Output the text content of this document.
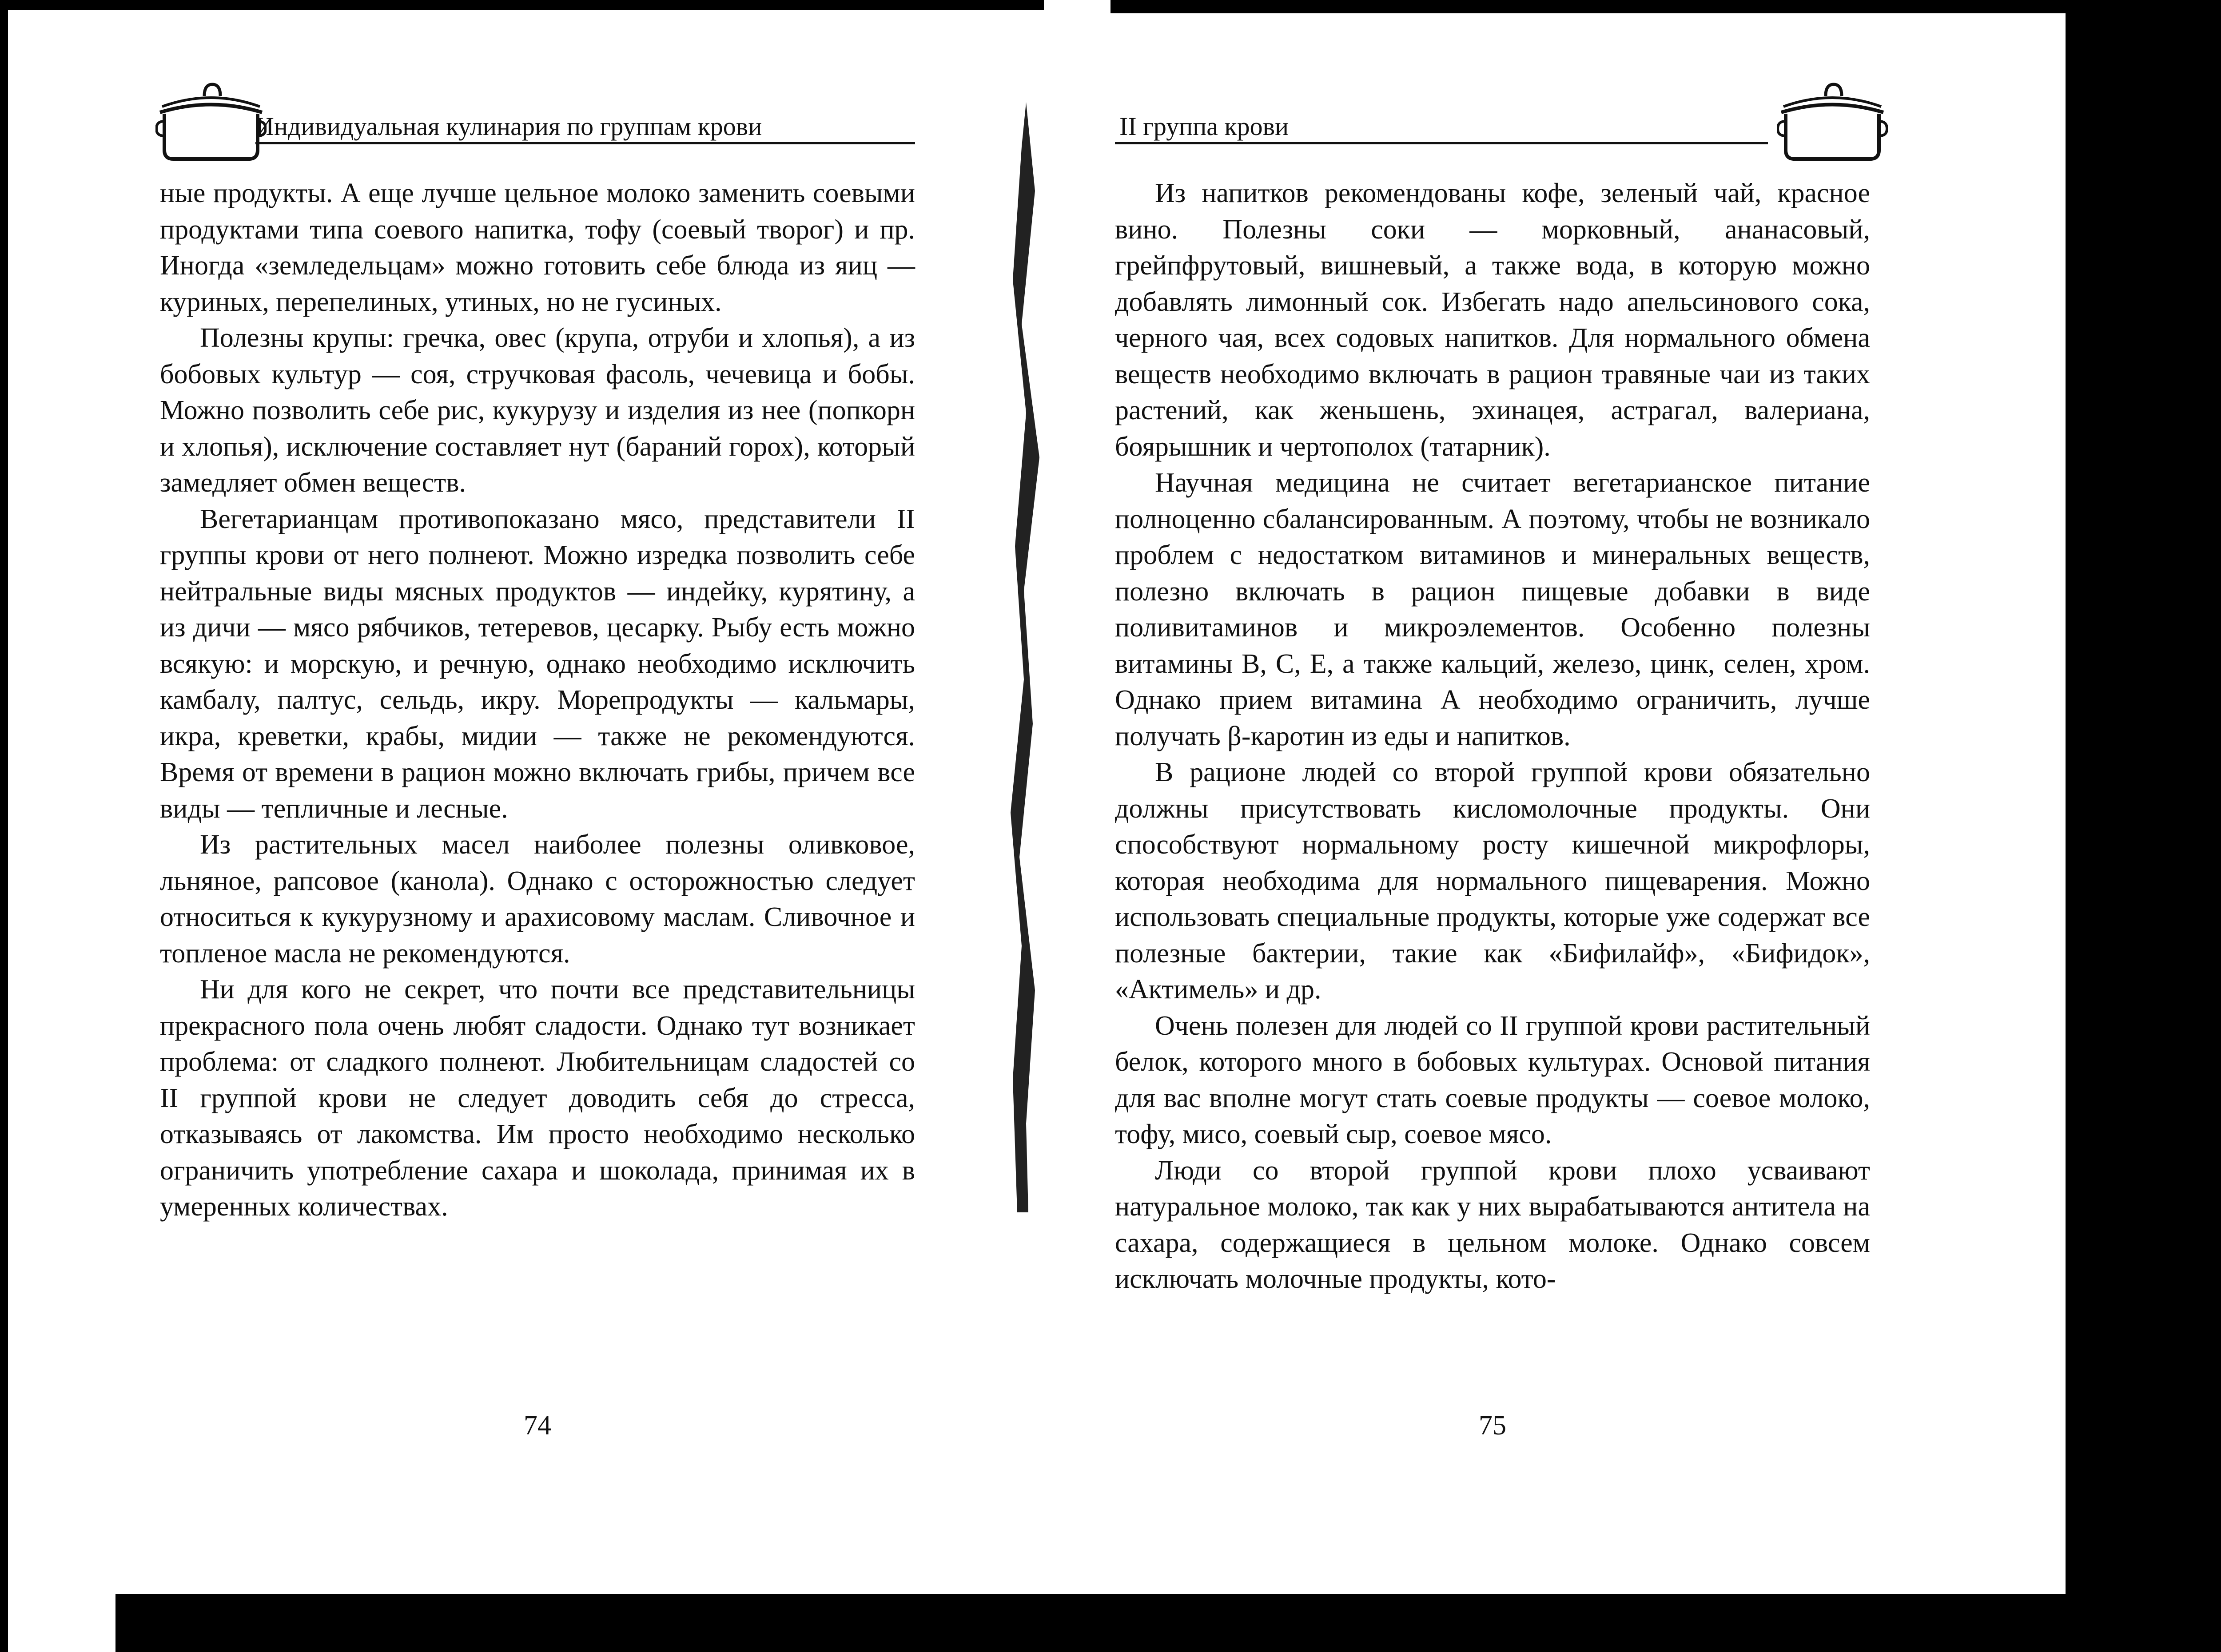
Индивидуальная кулинария по группам крови

ные продукты. А еще лучше цельное молоко заменить соевыми продуктами типа соевого напитка, тофу (соевый творог) и пр. Иногда «земледельцам» можно готовить себе блюда из яиц — куриных, перепелиных, утиных, но не гусиных.

Полезны крупы: гречка, овес (крупа, отруби и хлопья), а из бобовых культур — соя, стручковая фасоль, чечевица и бобы. Можно позволить себе рис, кукурузу и изделия из нее (попкорн и хлопья), исключение составляет нут (бараний горох), который замедляет обмен веществ.

Вегетарианцам противопоказано мясо, представители II группы крови от него полнеют. Можно изредка позволить себе нейтральные виды мясных продуктов — индейку, курятину, а из дичи — мясо рябчиков, тетеревов, цесарку. Рыбу есть можно всякую: и морскую, и речную, однако необходимо исключить камбалу, палтус, сельдь, икру. Морепродукты — кальмары, икра, креветки, крабы, мидии — также не рекомендуются. Время от времени в рацион можно включать грибы, причем все виды — тепличные и лесные.

Из растительных масел наиболее полезны оливковое, льняное, рапсовое (канола). Однако с осторожностью следует относиться к кукурузному и арахисовому маслам. Сливочное и топленое масла не рекомендуются.

Ни для кого не секрет, что почти все представительницы прекрасного пола очень любят сладости. Однако тут возникает проблема: от сладкого полнеют. Любительницам сладостей со II группой крови не следует доводить себя до стресса, отказываясь от лакомства. Им просто необходимо несколько ограничить употребление сахара и шоколада, принимая их в умеренных количествах.

74
II группа крови

Из напитков рекомендованы кофе, зеленый чай, красное вино. Полезны соки — морковный, ананасовый, грейпфрутовый, вишневый, а также вода, в которую можно добавлять лимонный сок. Избегать надо апельсинового сока, черного чая, всех содовых напитков. Для нормального обмена веществ необходимо включать в рацион травяные чаи из таких растений, как женьшень, эхинацея, астрагал, валериана, боярышник и чертополох (татарник).

Научная медицина не считает вегетарианское питание полноценно сбалансированным. А поэтому, чтобы не возникало проблем с недостатком витаминов и минеральных веществ, полезно включать в рацион пищевые добавки в виде поливитаминов и микроэлементов. Особенно полезны витамины В, С, Е, а также кальций, железо, цинк, селен, хром. Однако прием витамина А необходимо ограничить, лучше получать β-каротин из еды и напитков.

В рационе людей со второй группой крови обязательно должны присутствовать кисломолочные продукты. Они способствуют нормальному росту кишечной микрофлоры, которая необходима для нормального пищеварения. Можно использовать специальные продукты, которые уже содержат все полезные бактерии, такие как «Бифилайф», «Бифидок», «Актимель» и др.

Очень полезен для людей со II группой крови растительный белок, которого много в бобовых культурах. Основой питания для вас вполне могут стать соевые продукты — соевое молоко, тофу, мисо, соевый сыр, соевое мясо.

Люди со второй группой крови плохо усваивают натуральное молоко, так как у них вырабатываются антитела на сахара, содержащиеся в цельном молоке. Однако совсем исключать молочные продукты, кото-

75
